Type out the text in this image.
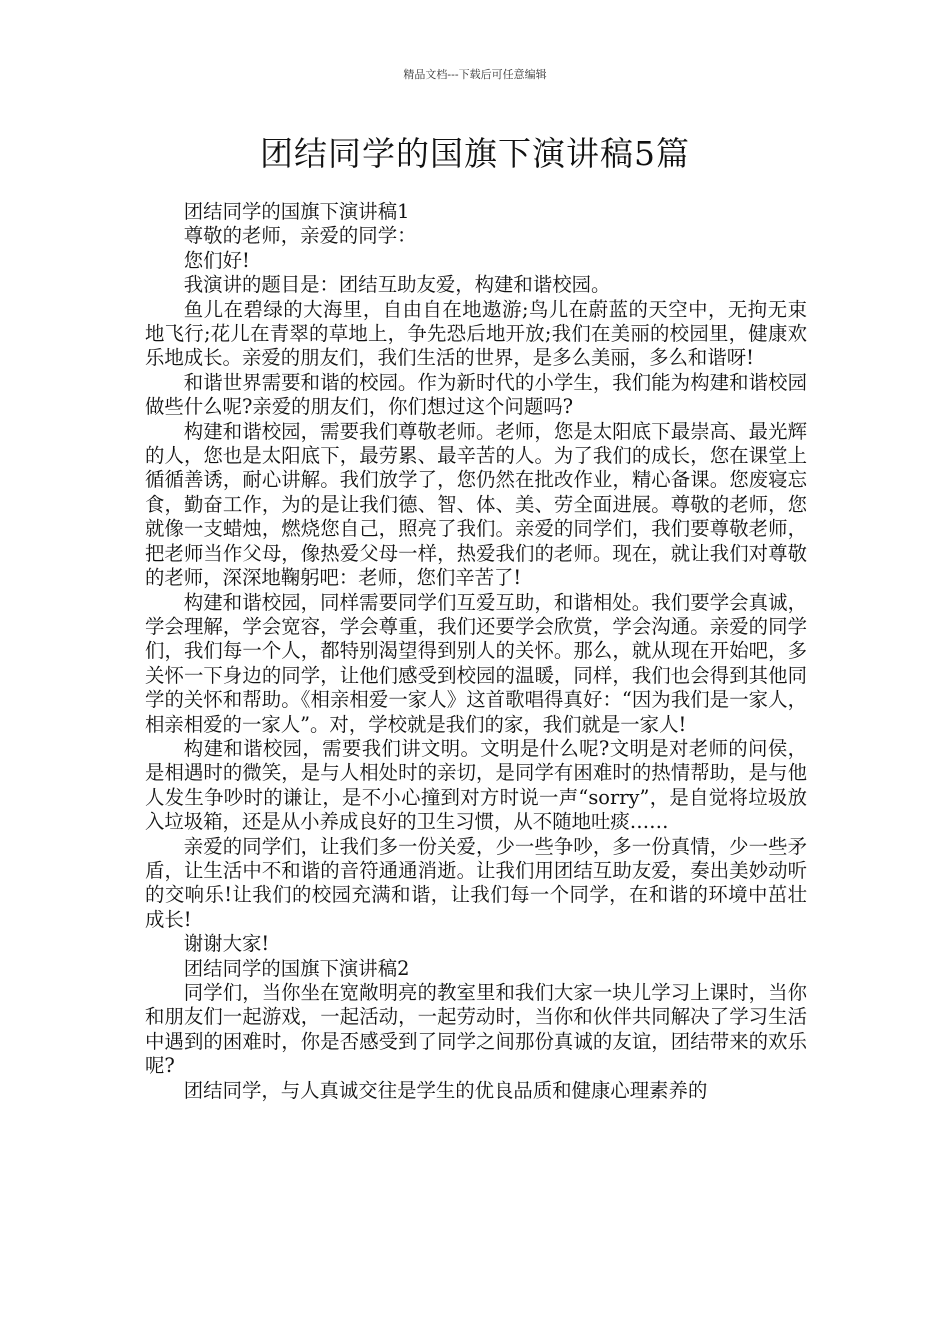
精品文档---下载后可任意编辑
团结同学的国旗下演讲稿5篇

团结同学的国旗下演讲稿1

尊敬的老师，亲爱的同学：

您们好!

我演讲的题目是：团结互助友爱，构建和谐校园。

鱼儿在碧绿的大海里，自由自在地遨游;鸟儿在蔚蓝的天空中，无拘无束地飞行;花儿在青翠的草地上，争先恐后地开放;我们在美丽的校园里，健康欢乐地成长。亲爱的朋友们，我们生活的世界，是多么美丽，多么和谐呀!

和谐世界需要和谐的校园。作为新时代的小学生，我们能为构建和谐校园做些什么呢?亲爱的朋友们，你们想过这个问题吗?

构建和谐校园，需要我们尊敬老师。老师，您是太阳底下最崇高、最光辉的人，您也是太阳底下，最劳累、最辛苦的人。为了我们的成长，您在课堂上循循善诱，耐心讲解。我们放学了，您仍然在批改作业，精心备课。您废寝忘食，勤奋工作，为的是让我们德、智、体、美、劳全面进展。尊敬的老师，您就像一支蜡烛，燃烧您自己，照亮了我们。亲爱的同学们，我们要尊敬老师，把老师当作父母，像热爱父母一样，热爱我们的老师。现在，就让我们对尊敬的老师，深深地鞠躬吧：老师，您们辛苦了!

构建和谐校园，同样需要同学们互爱互助，和谐相处。我们要学会真诚，学会理解，学会宽容，学会尊重，我们还要学会欣赏，学会沟通。亲爱的同学们，我们每一个人，都特别渴望得到别人的关怀。那么，就从现在开始吧，多关怀一下身边的同学，让他们感受到校园的温暖，同样，我们也会得到其他同学的关怀和帮助。《相亲相爱一家人》这首歌唱得真好：“因为我们是一家人，相亲相爱的一家人”。对，学校就是我们的家，我们就是一家人!

构建和谐校园，需要我们讲文明。文明是什么呢?文明是对老师的问侯，是相遇时的微笑，是与人相处时的亲切，是同学有困难时的热情帮助，是与他人发生争吵时的谦让，是不小心撞到对方时说一声“sorry”，是自觉将垃圾放入垃圾箱，还是从小养成良好的卫生习惯，从不随地吐痰……

亲爱的同学们，让我们多一份关爱，少一些争吵，多一份真情，少一些矛盾，让生活中不和谐的音符通通消逝。让我们用团结互助友爱，奏出美妙动听的交响乐!让我们的校园充满和谐，让我们每一个同学，在和谐的环境中茁壮成长!

谢谢大家!

团结同学的国旗下演讲稿2

同学们，当你坐在宽敞明亮的教室里和我们大家一块儿学习上课时，当你和朋友们一起游戏，一起活动，一起劳动时，当你和伙伴共同解决了学习生活中遇到的困难时，你是否感受到了同学之间那份真诚的友谊，团结带来的欢乐呢?

团结同学，与人真诚交往是学生的优良品质和健康心理素养的
